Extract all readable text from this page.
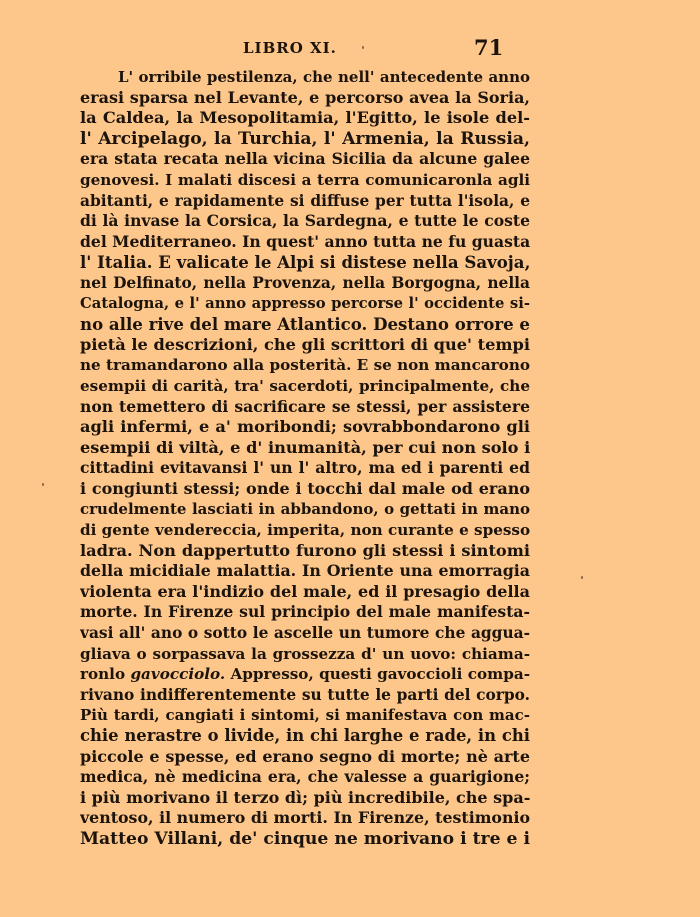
LIBRO XI.	71
L' orribile pestilenza, che nell' antecedente anno
erasi sparsa nel Levante, e percorso avea la Soria,
la Caldea, la Mesopolitamia, l'Egitto, le isole del-
l' Arcipelago, la Turchia, l' Armenia, la Russia,
era stata recata nella vicina Sicilia da alcune galee
genovesi. I malati discesi a terra comunicaronla agli
abitanti, e rapidamente si diffuse per tutta l'isola, e
di là invase la Corsica, la Sardegna, e tutte le coste
del Mediterraneo. In quest' anno tutta ne fu guasta
l' Italia. E valicate le Alpi si distese nella Savoja,
nel Delfinato, nella Provenza, nella Borgogna, nella
Catalogna, e l' anno appresso percorse l' occidente si-
no alle rive del mare Atlantico. Destano orrore e
pietà le descrizioni, che gli scrittori di que' tempi
ne tramandarono alla posterità. E se non mancarono
esempii di carità, tra' sacerdoti, principalmente, che
non temettero di sacrificare se stessi, per assistere
agli infermi, e a' moribondi; sovrabbondarono gli
esempii di viltà, e d' inumanità, per cui non solo i
cittadini evitavansi l' un l' altro, ma ed i parenti ed
i congiunti stessi; onde i tocchi dal male od erano
crudelmente lasciati in abbandono, o gettati in mano
di gente vendereccia, imperita, non curante e spesso
ladra. Non dappertutto furono gli stessi i sintomi
della micidiale malattia. In Oriente una emorragia
violenta era l'indizio del male, ed il presagio della
morte. In Firenze sul principio del male manifesta-
vasi all' ano o sotto le ascelle un tumore che aggua-
gliava o sorpassava la grossezza d' un uovo: chiama-
ronlo gavocciolo. Appresso, questi gavoccioli compa-
rivano indifferentemente su tutte le parti del corpo.
Più tardi, cangiati i sintomi, si manifestava con mac-
chie nerastre o livide, in chi larghe e rade, in chi
piccole e spesse, ed erano segno di morte; nè arte
medica, nè medicina era, che valesse a guarigione;
i più morivano il terzo dì; più incredibile, che spa-
ventoso, il numero di morti. In Firenze, testimonio
Matteo Villani, de' cinque ne morivano i tre e i
